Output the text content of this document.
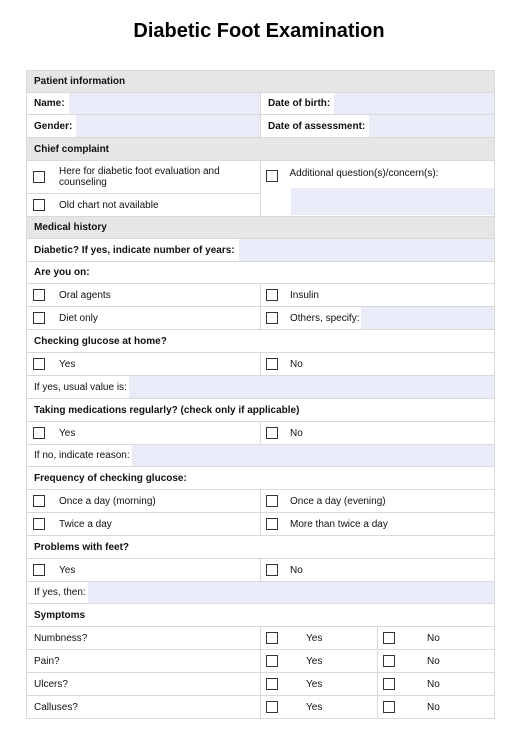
Diabetic Foot Examination
Patient information
Name:	Date of birth:
Gender:	Date of assessment:
Chief complaint
Here for diabetic foot evaluation and
counseling
Old chart not available
Additional question(s)/concern(s):
Medical history
Diabetic? If yes, indicate number of years:
Are you on:
Oral agents	Insulin
Diet only	Others, specify:
Checking glucose at home?
Yes	No
If yes, usual value is:
Taking medications regularly? (check only if applicable)
Yes	No
If no, indicate reason:
Frequency of checking glucose:
Once a day (morning)	Once a day (evening)
Twice a day	More than twice a day
Problems with feet?
Yes	No
If yes, then:
Symptoms
Numbness?	Yes	No
Pain?	Yes	No
Ulcers?	Yes	No
Calluses?	Yes	No
